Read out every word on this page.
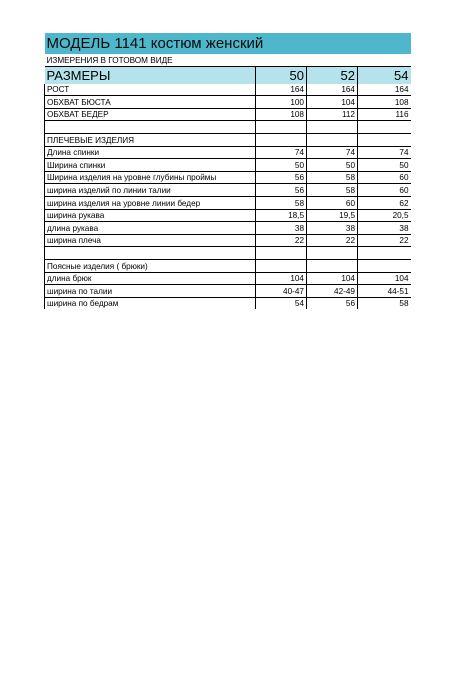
МОДЕЛЬ 1141 костюм женский			
ИЗМЕРЕНИЯ В ГОТОВОМ ВИДЕ			
РАЗМЕРЫ	50	52	54
РОСТ	164	164	164
ОБХВАТ БЮСТА	100	104	108
ОБХВАТ БЕДЕР	108	112	116

ПЛЕЧЕВЫЕ ИЗДЕЛИЯ			
Длина спинки	74	74	74
Ширина спинки	50	50	50
Ширина изделия на уровне глубины проймы	56	58	60
ширина изделий по линии талии	56	58	60
ширина изделия на уровне линии бедер	58	60	62
ширина рукава	18,5	19,5	20,5
длина рукава	38	38	38
ширина плеча	22	22	22

Поясные изделия ( брюки)			
длина брюк	104	104	104
ширина по талии	40-47	42-49	44-51
ширина по бедрам	54	56	58
